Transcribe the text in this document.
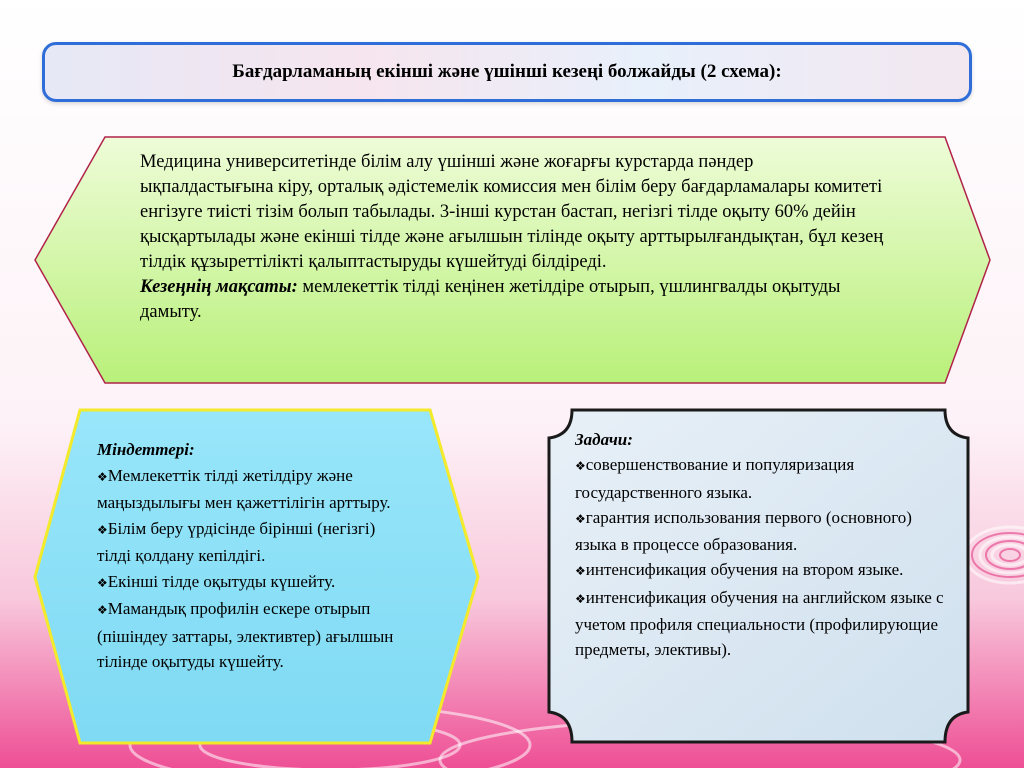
Бағдарламаның екінші және үшінші кезеңі болжайды (2 схема):

Медицина университетінде білім алу үшінші және жоғарғы курстарда пәндер ықпалдастығына кіру, орталық әдістемелік комиссия мен білім беру бағдарламалары комитеті енгізуге тиісті тізім болып табылады. 3-інші курстан бастап, негізгі тілде оқыту 60% дейін қысқартылады және екінші тілде және ағылшын тілінде оқыту арттырылғандықтан, бұл кезең тілдік құзыреттілікті қалыптастыруды күшейтуді білдіреді.

Кезеңнің мақсаты: мемлекеттік тілді кеңінен жетілдіре отырып, үшлингвалды оқытуды дамыту.

Міндеттері:

❖Мемлекеттік тілді жетілдіру және маңыздылығы мен қажеттілігін арттыру.
❖Білім беру үрдісінде бірінші (негізгі) тілді қолдану кепілдігі.
❖Екінші тілде оқытуды күшейту.
❖Мамандық профилін ескере отырып (пішіндеу заттары, элективтер) ағылшын тілінде оқытуды күшейту.

Задачи:

❖совершенствование и популяризация государственного языка.
❖гарантия использования первого (основного) языка в процессе образования.
❖интенсификация обучения на втором языке.
❖интенсификация обучения на английском языке с учетом профиля специальности (профилирующие предметы, элективы).
